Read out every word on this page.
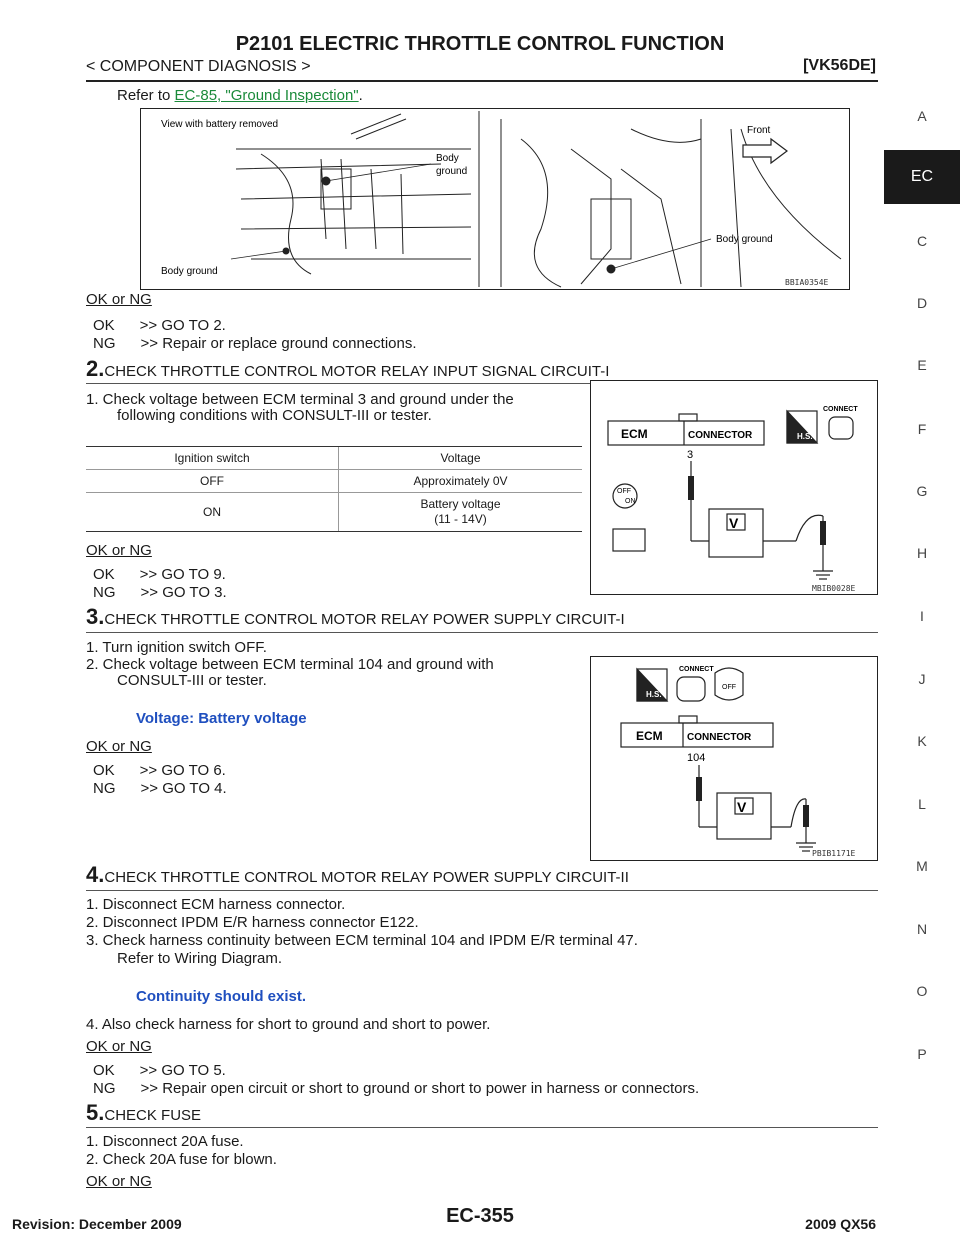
P2101 ELECTRIC THROTTLE CONTROL FUNCTION
< COMPONENT DIAGNOSIS >	[VK56DE]
A
EC
C
D
E
F
G
H
I
J
K
L
M
N
O
P
Refer to EC-85, "Ground Inspection".
View with battery removed
Front
Body
ground
Body ground
Body ground
BBIA0354E
OK or NG
OK      >> GO TO 2.
NG      >> Repair or replace ground connections.
2.CHECK THROTTLE CONTROL MOTOR RELAY INPUT SIGNAL CIRCUIT-I
1. Check voltage between ECM terminal 3 and ground under the
following conditions with CONSULT-III or tester.
Ignition switch	Voltage
OFF	Approximately 0V
ON	Battery voltage
(11 - 14V)
OK or NG
OK      >> GO TO 9.
NG      >> GO TO 3.
ECM	CONNECTOR
CONNECT
H.S.
3
OFF
ON
V
MBIB0028E
3.CHECK THROTTLE CONTROL MOTOR RELAY POWER SUPPLY CIRCUIT-I
1. Turn ignition switch OFF.
2. Check voltage between ECM terminal 104 and ground with
CONSULT-III or tester.
Voltage: Battery voltage
OK or NG
OK      >> GO TO 6.
NG      >> GO TO 4.
CONNECT
H.S.
OFF
ECM CONNECTOR
104
V
PBIB1171E
4.CHECK THROTTLE CONTROL MOTOR RELAY POWER SUPPLY CIRCUIT-II
1. Disconnect ECM harness connector.
2. Disconnect IPDM E/R harness connector E122.
3. Check harness continuity between ECM terminal 104 and IPDM E/R terminal 47.
Refer to Wiring Diagram.
Continuity should exist.
4. Also check harness for short to ground and short to power.
OK or NG
OK      >> GO TO 5.
NG      >> Repair open circuit or short to ground or short to power in harness or connectors.
5.CHECK FUSE
1. Disconnect 20A fuse.
2. Check 20A fuse for blown.
OK or NG
Revision: December 2009	EC-355	2009 QX56
